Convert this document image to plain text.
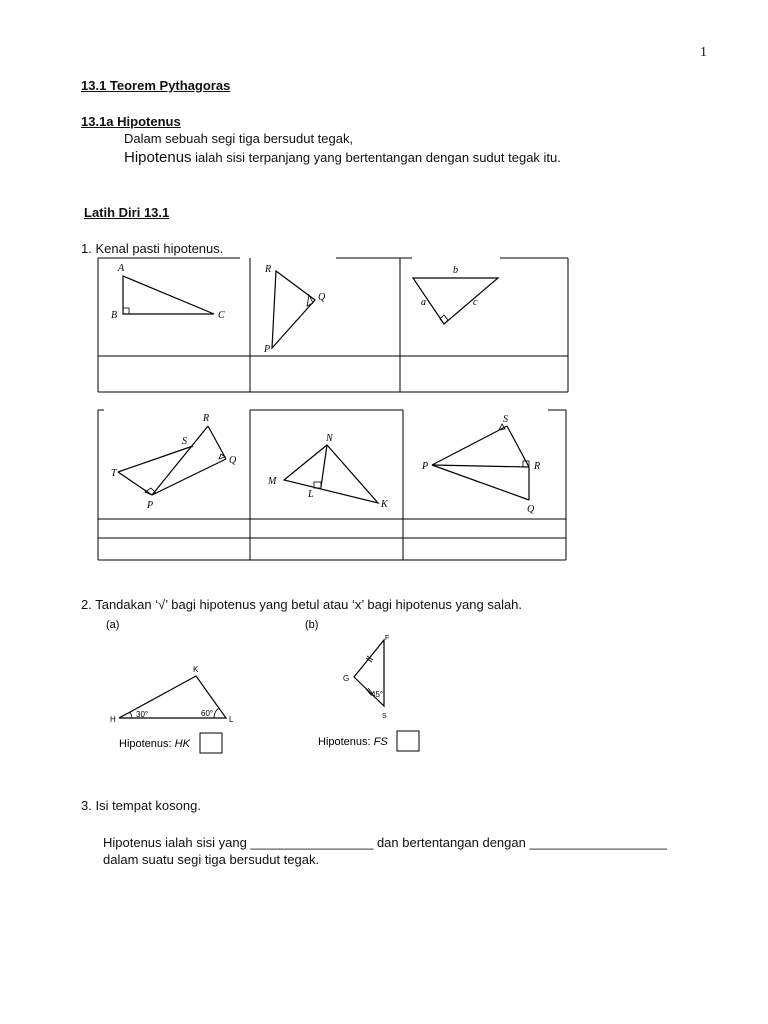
1
13.1 Teorem Pythagoras
13.1a Hipotenus
Dalam sebuah segi tiga bersudut tegak,
Hipotenus ialah sisi terpanjang yang bertentangan dengan sudut tegak itu.
Latih Diri 13.1
1. Kenal pasti hipotenus.
A
B	C
R
Q
P
b
a	c
R
S
Q
T
P
N
M
L
K
S
P	R
Q
(a)
K
H	L
30°	60°
Hipotenus: HK
(b)
F
G
S
45°
Hipotenus: FS
2. Tandakan ‘√’ bagi hipotenus yang betul atau ‘x’ bagi hipotenus yang salah.
3. Isi tempat kosong.
Hipotenus ialah sisi yang _________________ dan bertentangan dengan ___________________
dalam suatu segi tiga bersudut tegak.
